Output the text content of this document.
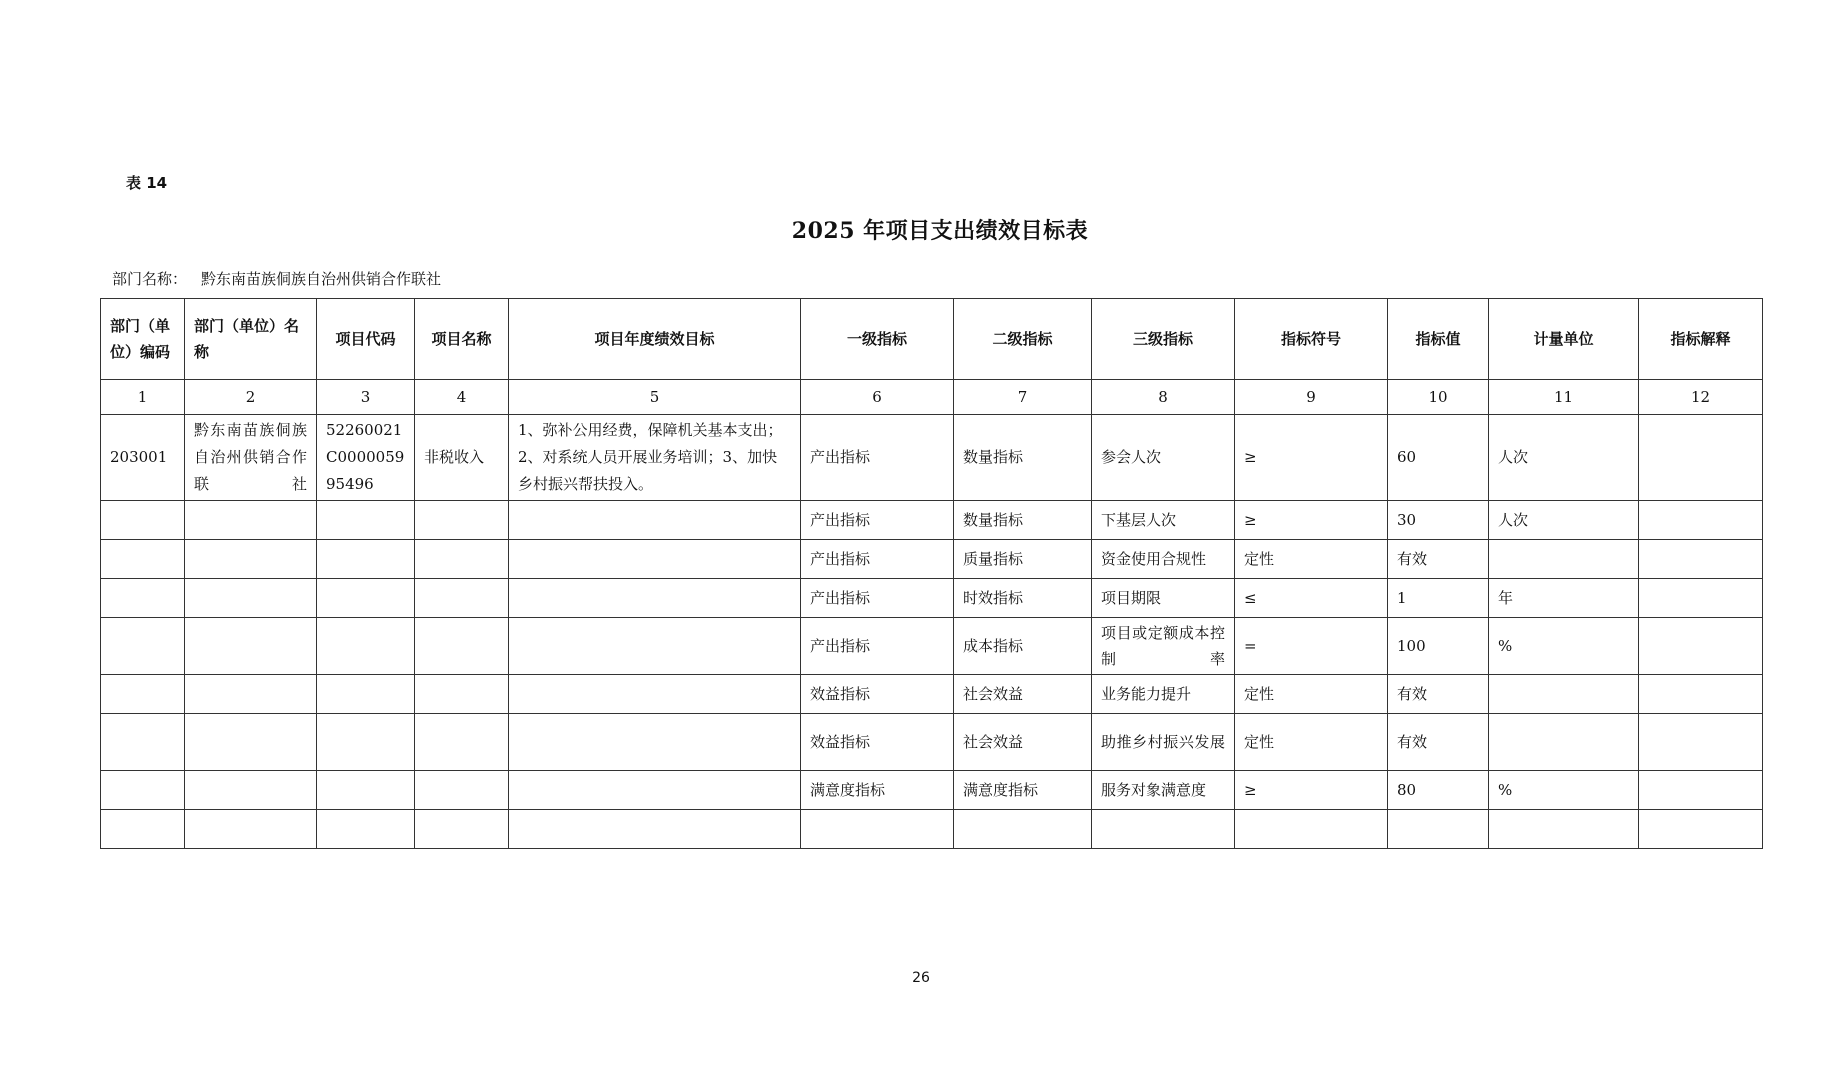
表 14
2025 年项目支出绩效目标表
部门名称： 黔东南苗族侗族自治州供销合作联社
部门（单位）编码	部门（单位）名称	项目代码	项目名称	项目年度绩效目标	一级指标	二级指标	三级指标	指标符号	指标值	计量单位	指标解释
1	2	3	4	5	6	7	8	9	10	11	12
203001	黔东南苗族侗族自治州供销合作联社	52260021C000005995496	非税收入	1、弥补公用经费，保障机关基本支出；2、对系统人员开展业务培训；3、加快乡村振兴帮扶投入。	产出指标	数量指标	参会人次	≥	60	人次	
					产出指标	数量指标	下基层人次	≥	30	人次	
					产出指标	质量指标	资金使用合规性	定性	有效		
					产出指标	时效指标	项目期限	≤	1	年	
					产出指标	成本指标	项目或定额成本控制率	=	100	%	
					效益指标	社会效益	业务能力提升	定性	有效		
					效益指标	社会效益	助推乡村振兴发展	定性	有效		
					满意度指标	满意度指标	服务对象满意度	≥	80	%	

26
